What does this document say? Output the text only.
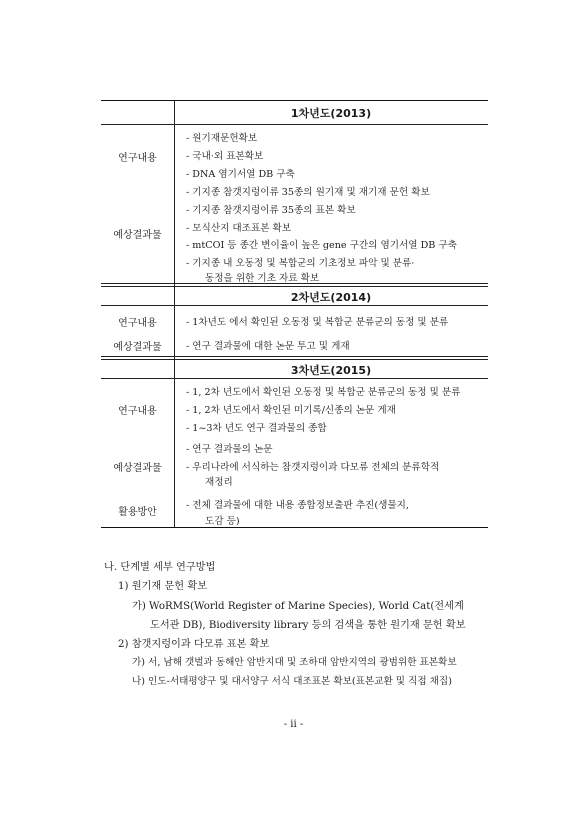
1차년도(2013)
연구내용
예상결과물
- 원기재문헌확보
- 국내·외 표본확보
- DNA 염기서열 DB 구축
- 기지종 참갯지렁이류 35종의 원기재 및 재기재 문헌 확보
- 기지종 참갯지렁이류 35종의 표본 확보
- 모식산지 대조표본 확보
- mtCOI 등 종간 변이율이 높은 gene 구간의 염기서열 DB 구축
- 기지종 내 오동정 및 복합군의 기초정보 파악 및 분류·
동정을 위한 기초 자료 확보
2차년도(2014)
연구내용
예상결과물
- 1차년도 에서 확인된 오동정 및 복합군 분류군의 동정 및 분류
- 연구 결과물에 대한 논문 투고 및 게재
3차년도(2015)
연구내용
예상결과물
활용방안
- 1, 2차 년도에서 확인된 오동정 및 복합군 분류군의 동정 및 분류
- 1, 2차 년도에서 확인된 미기록/신종의 논문 게재
- 1~3차 년도 연구 결과물의 종합
- 연구 결과물의 논문
- 우리나라에 서식하는 참갯지렁이과 다모류 전체의 분류학적
재정리
- 전체 결과물에 대한 내용 종합정보출판 추진(생물지,
도감 등)
나. 단계별 세부 연구방법
1) 원기재 문헌 확보
가) WoRMS(World Register of Marine Species), World Cat(전세계
도서관 DB), Biodiversity library 등의 검색을 통한 원기재 문헌 확보
2) 참갯지렁이과 다모류 표본 확보
가) 서, 남해 갯벌과 동해안 암반지대 및 조하대 암반지역의 광범위한 표본확보
나) 인도-서태평양구 및 대서양구 서식 대조표본 확보(표본교환 및 직접 채집)
- ii -
